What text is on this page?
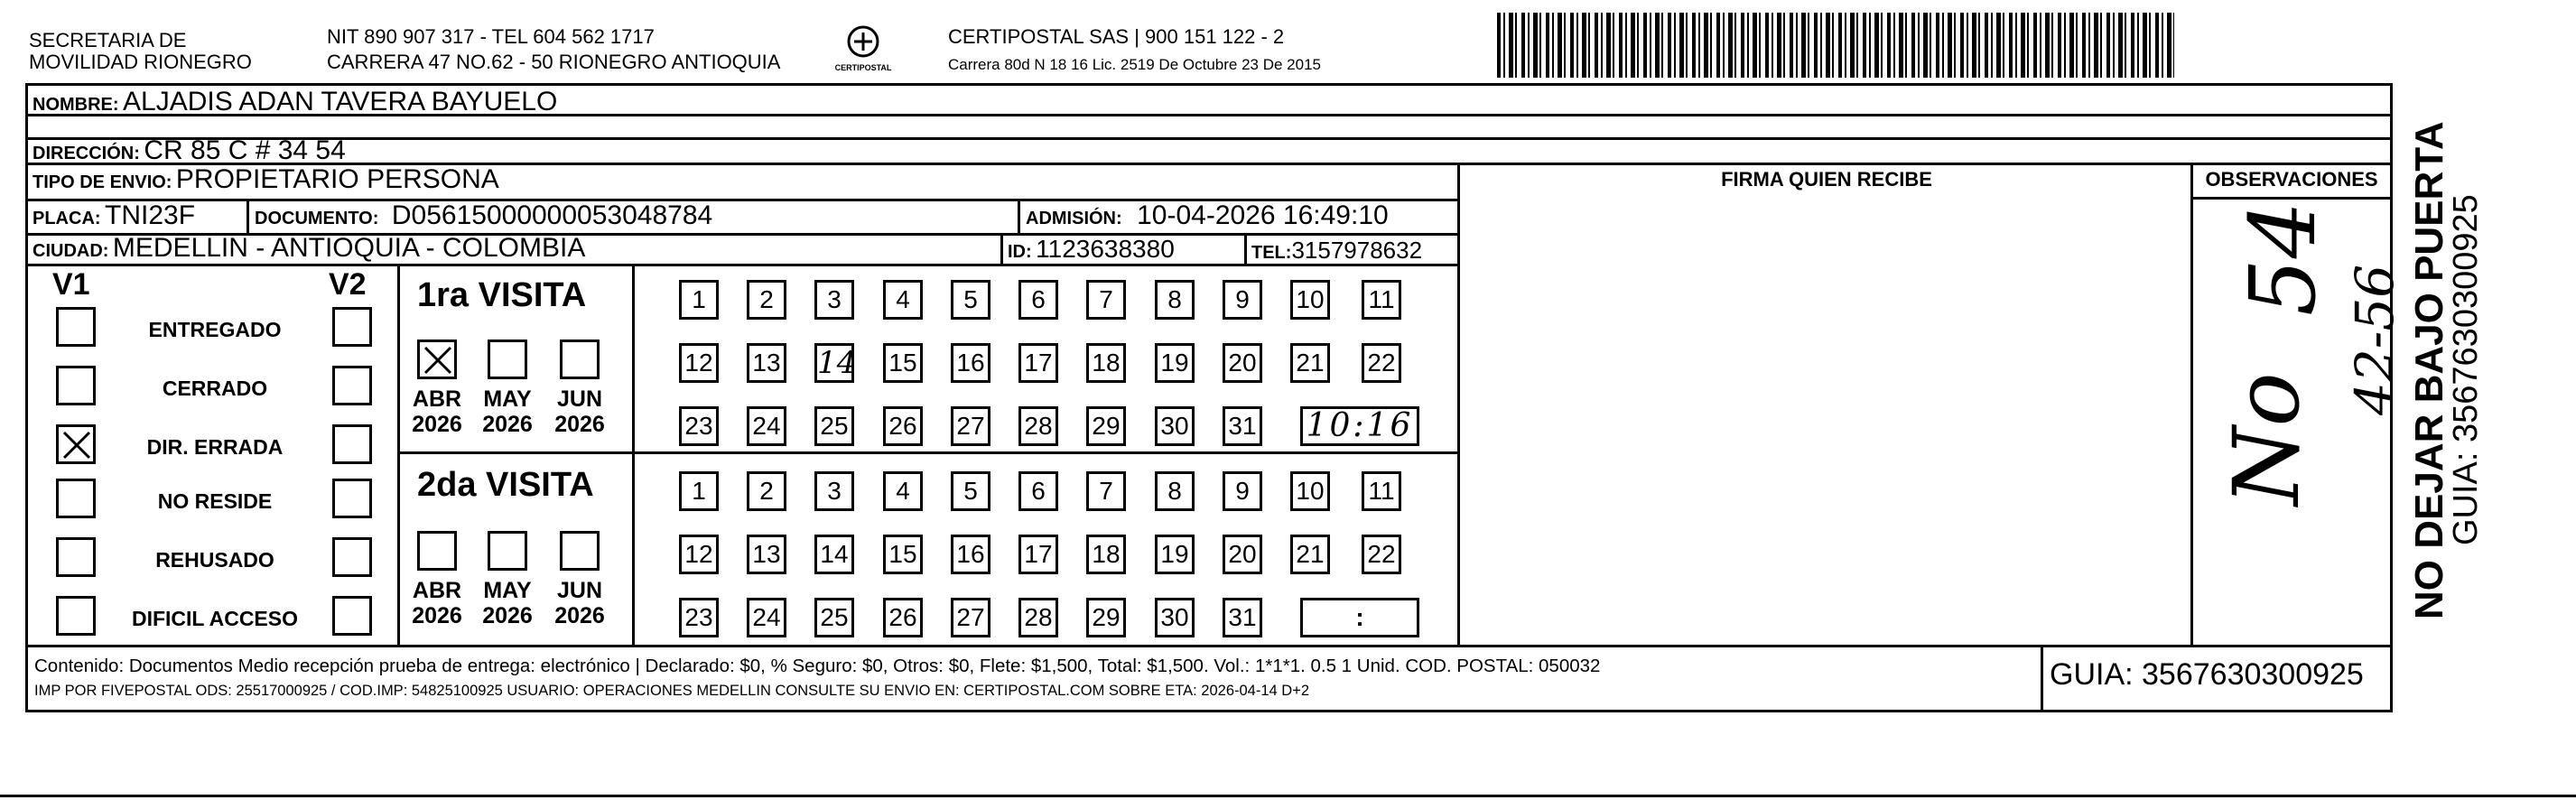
SECRETARIA DE
MOVILIDAD RIONEGRO
NIT 890 907 317 - TEL 604 562 1717
CARRERA 47 NO.62 - 50 RIONEGRO ANTIOQUIA	CERTIPOSTAL
CERTIPOSTAL SAS | 900 151 122 - 2
Carrera 80d N 18 16 Lic. 2519 De Octubre 23 De 2015
NOMBRE: ALJADIS ADAN TAVERA BAYUELO
DIRECCIÓN: CR 85 C # 34 54
TIPO DE ENVIO: PROPIETARIO PERSONA
PLACA: TNI23F	DOCUMENTO: D05615000000053048784	ADMISIÓN: 10-04-2026 16:49:10
CIUDAD: MEDELLIN - ANTIOQUIA - COLOMBIA	ID: 1123638380	TEL:3157978632
FIRMA QUIEN RECIBE	OBSERVACIONES
V1	V2
ENTREGADO
CERRADO
DIR. ERRADA
NO RESIDE
REHUSADO
DIFICIL ACCESO
1ra VISITA
2da VISITA
ABR
2026
MAY
2026
JUN
2026
1	2	3	4	5	6	7	8	9	10 11
12 13 14 15 16 17 18 19 20 21 22
23 24 25 26 27 28 29 30 31 10:16
ABR
2026
MAY
2026
JUN
2026
1	2	3	4	5	6	7	8	9	10 11
12 13 14 15 16 17 18 19 20 21 22
23 24 25 26 27 28 29 30 31	:
No
54
42-56
Contenido: Documentos Medio recepción prueba de entrega: electrónico | Declarado: $0, % Seguro: $0, Otros: $0, Flete: $1,500, Total: $1,500. Vol.: 1*1*1. 0.5 1 Unid. COD. POSTAL: 050032
IMP POR FIVEPOSTAL ODS: 25517000925 / COD.IMP: 54825100925 USUARIO: OPERACIONES MEDELLIN CONSULTE SU ENVIO EN: CERTIPOSTAL.COM SOBRE ETA: 2026-04-14 D+2	GUIA: 3567630300925
NO DEJAR BAJO PUERTA
GUIA: 3567630300925
